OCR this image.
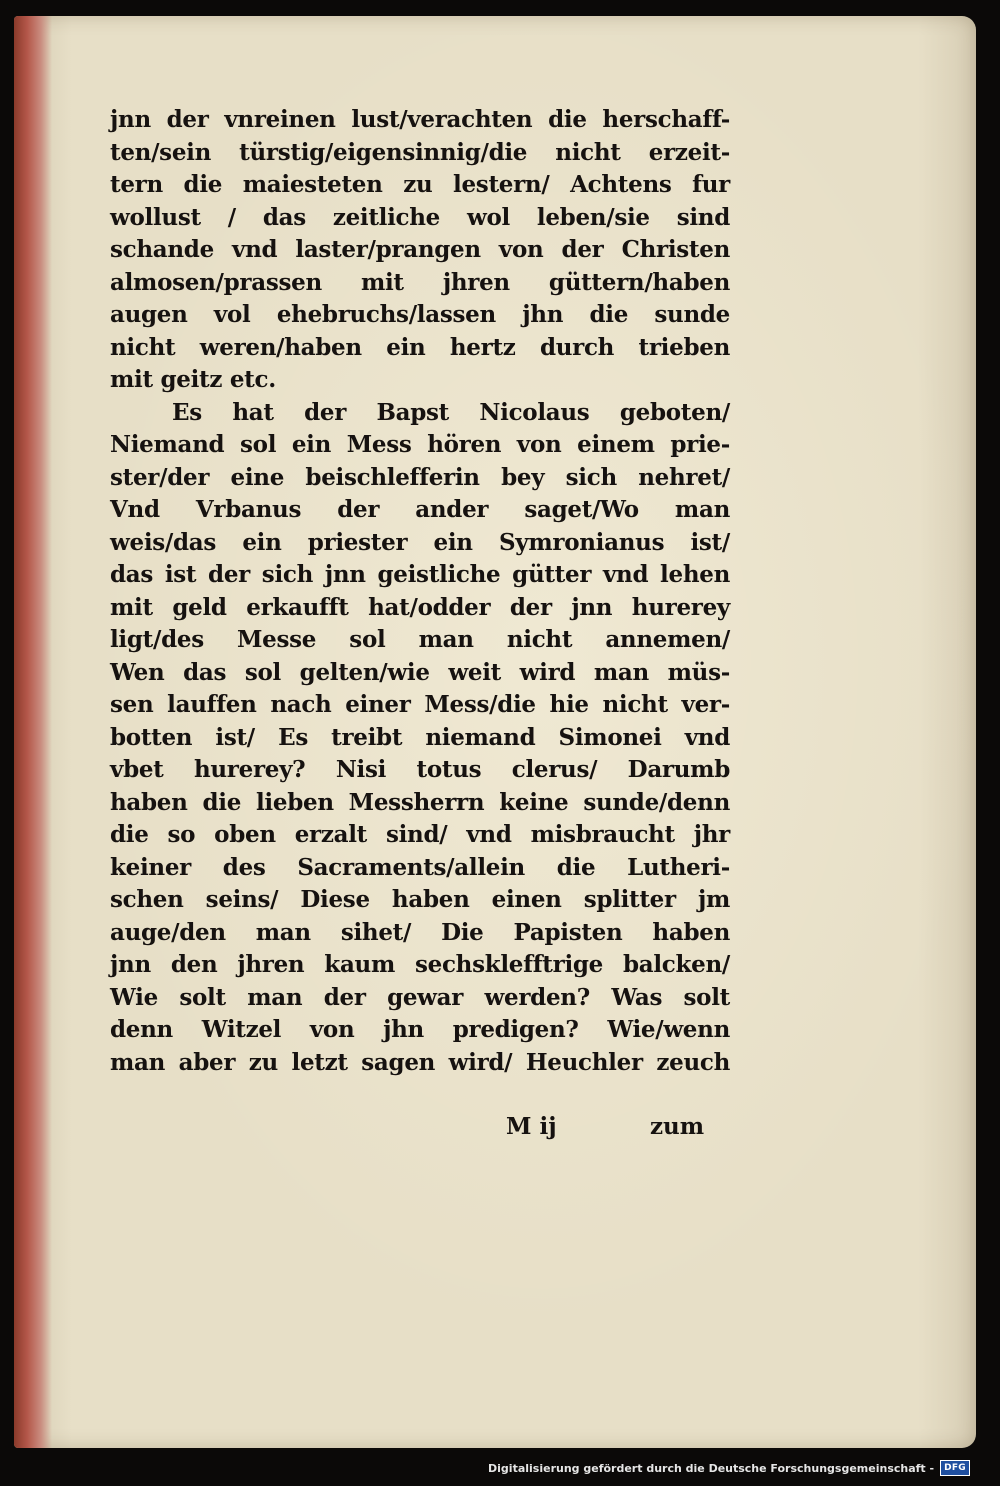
jnn der vnreinen lust/verachten die herschaff-
ten/sein türstig/eigensinnig/die nicht erzeit-
tern die maiesteten zu lestern/ Achtens fur
wollust / das zeitliche wol leben/sie sind
schande vnd laster/prangen von der Christen
almosen/prassen mit jhren güttern/haben
augen vol ehebruchs/lassen jhn die sunde
nicht weren/haben ein hertz durch trieben
mit geitz etc.
Es hat der Bapst Nicolaus geboten/
Niemand sol ein Mess hören von einem prie-
ster/der eine beischlefferin bey sich nehret/
Vnd Vrbanus der ander saget/Wo man
weis/das ein priester ein Symronianus ist/
das ist der sich jnn geistliche gütter vnd lehen
mit geld erkaufft hat/odder der jnn hurerey
ligt/des Messe sol man nicht annemen/
Wen das sol gelten/wie weit wird man müs-
sen lauffen nach einer Mess/die hie nicht ver-
botten ist/ Es treibt niemand Simonei vnd
vbet hurerey? Nisi totus clerus/ Darumb
haben die lieben Messherrn keine sunde/denn
die so oben erzalt sind/ vnd misbraucht jhr
keiner des Sacraments/allein die Lutheri-
schen seins/ Diese haben einen splitter jm
auge/den man sihet/ Die Papisten haben
jnn den jhren kaum sechsklefftrige balcken/
Wie solt man der gewar werden? Was solt
denn Witzel von jhn predigen? Wie/wenn
man aber zu letzt sagen wird/ Heuchler zeuch
M ij	zum
Digitalisierung gefördert durch die Deutsche Forschungsgemeinschaft -	DFG
